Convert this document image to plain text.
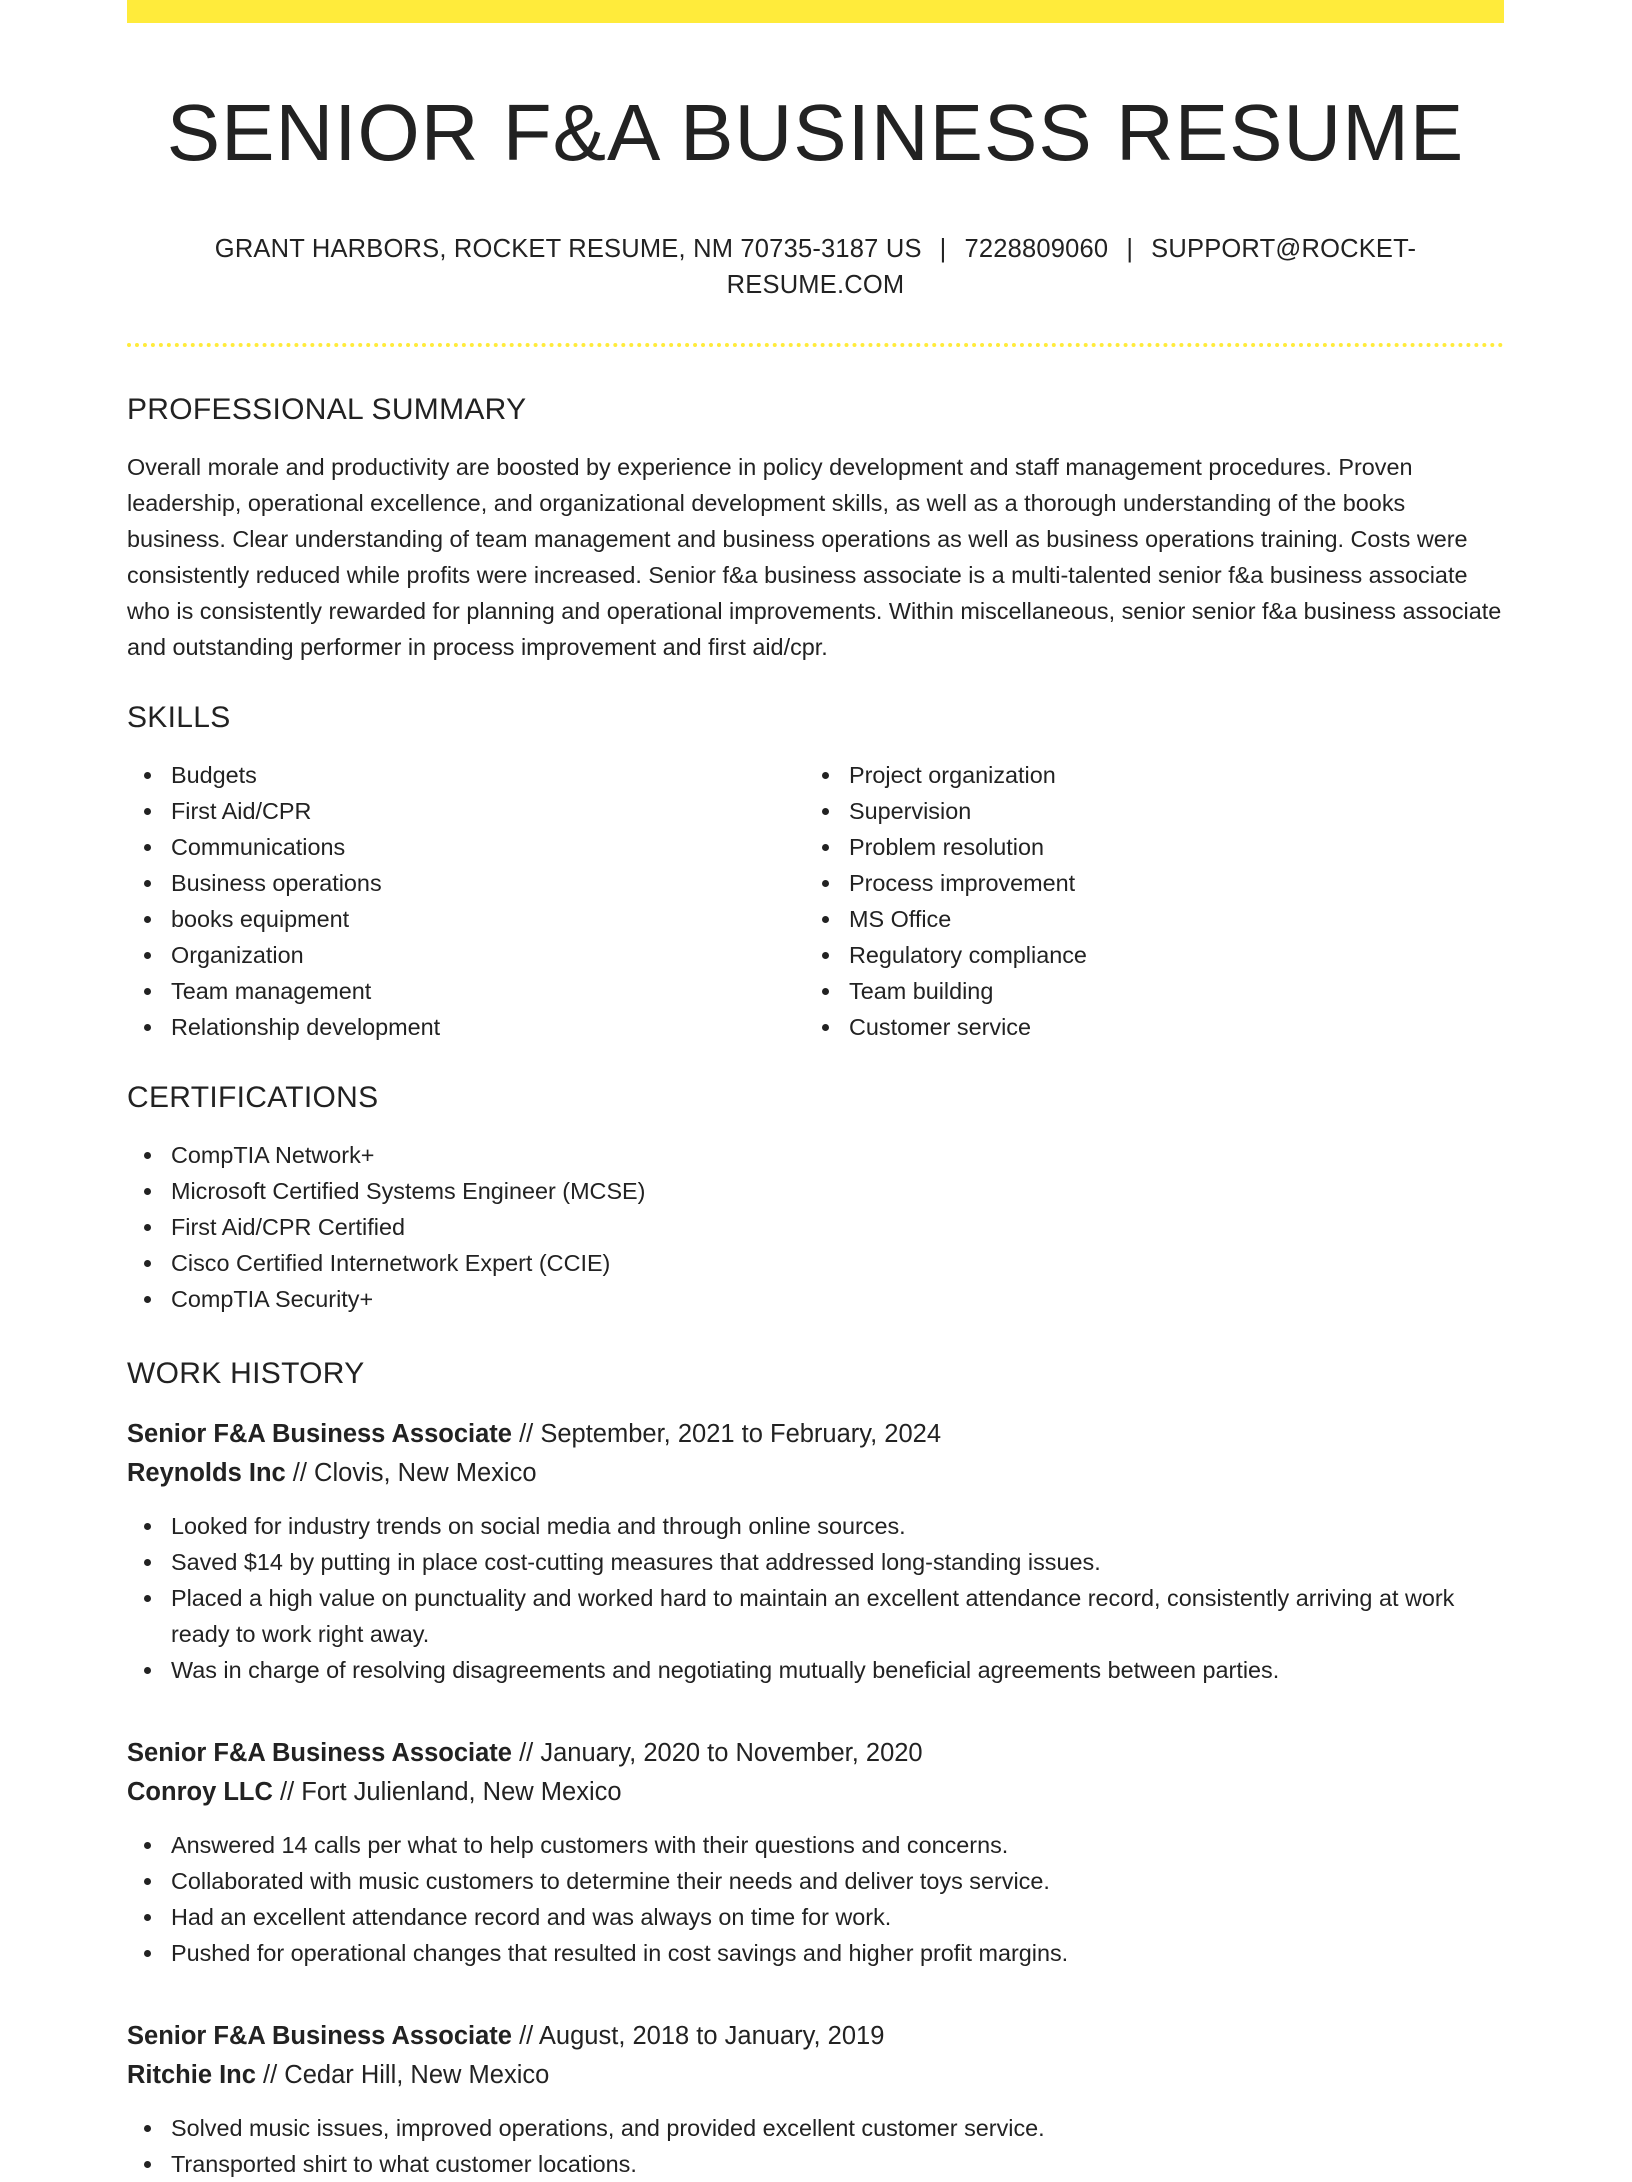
SENIOR F&A BUSINESS RESUME
GRANT HARBORS, ROCKET RESUME, NM 70735-3187 US | 7228809060 | SUPPORT@ROCKET-RESUME.COM
PROFESSIONAL SUMMARY

Overall morale and productivity are boosted by experience in policy development and staff management procedures. Proven leadership, operational excellence, and organizational development skills, as well as a thorough understanding of the books business. Clear understanding of team management and business operations as well as business operations training. Costs were consistently reduced while profits were increased. Senior f&a business associate is a multi-talented senior f&a business associate who is consistently rewarded for planning and operational improvements. Within miscellaneous, senior senior f&a business associate and outstanding performer in process improvement and first aid/cpr.

SKILLS
Budgets
First Aid/CPR
Communications
Business operations
books equipment
Organization
Team management
Relationship development
Project organization
Supervision
Problem resolution
Process improvement
MS Office
Regulatory compliance
Team building
Customer service
CERTIFICATIONS
CompTIA Network+
Microsoft Certified Systems Engineer (MCSE)
First Aid/CPR Certified
Cisco Certified Internetwork Expert (CCIE)
CompTIA Security+
WORK HISTORY
Senior F&A Business Associate // September, 2021 to February, 2024
Reynolds Inc // Clovis, New Mexico
Looked for industry trends on social media and through online sources.
Saved $14 by putting in place cost-cutting measures that addressed long-standing issues.
Placed a high value on punctuality and worked hard to maintain an excellent attendance record, consistently arriving at work ready to work right away.
Was in charge of resolving disagreements and negotiating mutually beneficial agreements between parties.
Senior F&A Business Associate // January, 2020 to November, 2020
Conroy LLC // Fort Julienland, New Mexico
Answered 14 calls per what to help customers with their questions and concerns.
Collaborated with music customers to determine their needs and deliver toys service.
Had an excellent attendance record and was always on time for work.
Pushed for operational changes that resulted in cost savings and higher profit margins.
Senior F&A Business Associate // August, 2018 to January, 2019
Ritchie Inc // Cedar Hill, New Mexico
Solved music issues, improved operations, and provided excellent customer service.
Transported shirt to what customer locations.
